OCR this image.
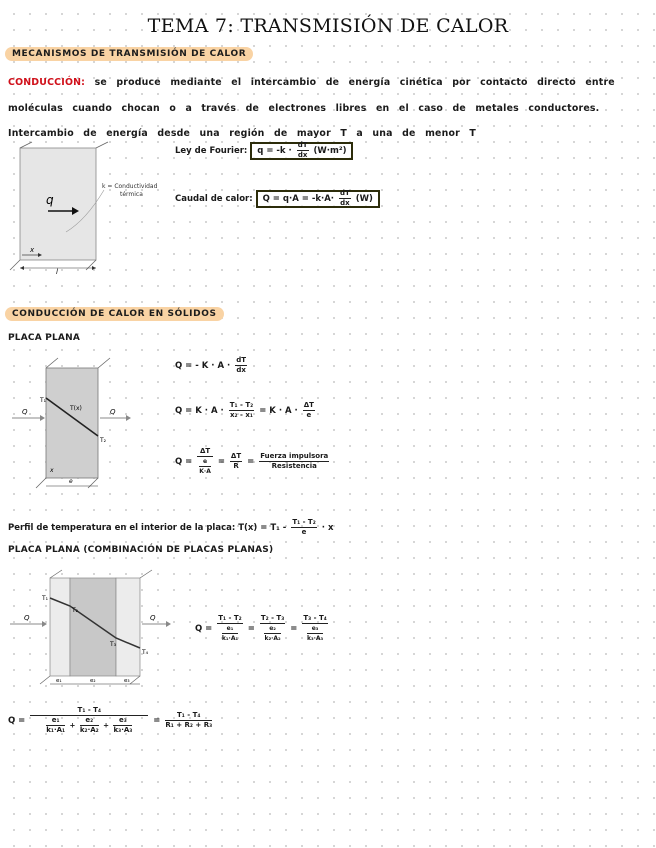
TEMA 7: TRANSMISIÓN DE CALOR
MECANISMOS DE TRANSMISIÓN DE CALOR
CONDUCCIÓN: se produce mediante el intercambio de energía cinética por contacto directo entre moléculas cuando chocan o a través de electrones libres en el caso de metales conductores. Intercambio de energía desde una región de mayor T a una de menor T
q
k = Conductividad
térmica
x
l
Ley de Fourier: $q = -k \cdot \frac{dT}{dx} (W\cdot m^2)$
Caudal de calor: $Q = q\cdot A = -k\cdot A\cdot \frac{dT}{dx} (W)$
CONDUCCIÓN DE CALOR EN SÓLIDOS
PLACA PLANA
T₁
T₂
T(x)
Q	Q
x
e
Q = - $K \cdot A \cdot \frac{dT}{dx}$
$Q = K \cdot A \cdot \frac{\text{T₁ - T₂}}{\text{x₂ - x₁}} = K \cdot A \cdot \frac{\Delta T}{e}$
$Q = \frac{\Delta T}{\frac{e}{K\cdot A}} = \frac{\Delta T}{R} = \frac{\text{Fuerza impulsora}}{\text{Resistencia}}$
Perfil de temperatura en el interior de la placa: $T(x) = T_1 - \frac{\text{T₁ - T₂}}{e} \cdot x$
PLACA PLANA (COMBINACIÓN DE PLACAS PLANAS)
T₁
T₂
T₃
T₄
Q	Q
e₁	e₂	e₃
$Q = \frac{\text{T₁ - T₂}}{\frac{\text{e₁}}{\text{k₁·A₁}}} = \frac{\text{T₂ - T₃}}{\frac{\text{e₂}}{\text{k₂·A₂}}} = \frac{\text{T₃ - T₄}}{\frac{\text{e₃}}{\text{k₃·A₃}}}$
$Q = \frac{\text{T₁ - T₄}}{\frac{\text{e₁}}{\text{k₁·A₁}} + \frac{\text{e₂}}{\text{k₂·A₂}} + \frac{\text{e₃}}{\text{k₃·A₃}}} = \frac{\text{T₁ - T₄}}{\text{R₁ + R₂ + R₃}}$
